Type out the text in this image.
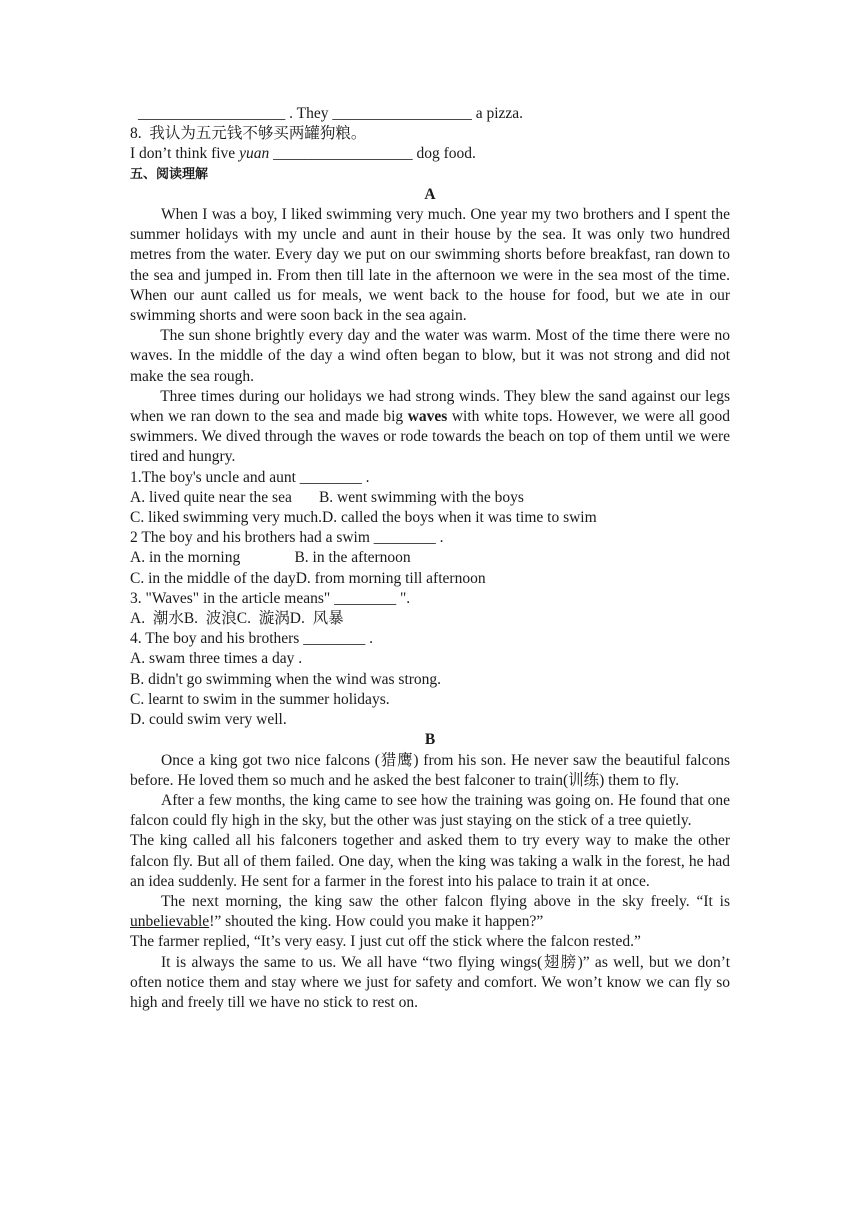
___________________ . They __________________ a pizza.

8.  我认为五元钱不够买两罐狗粮。

I don’t think five yuan __________________ dog food.

五、阅读理解

A

When I was a boy, I liked swimming very much. One year my two brothers and I spent the summer holidays with my uncle and aunt in their house by the sea. It was only two hundred metres from the water. Every day we put on our swimming shorts before breakfast, ran down to the sea and jumped in. From then till late in the afternoon we were in the sea most of the time. When our aunt called us for meals, we went back to the house for food, but we ate in our swimming shorts and were soon back in the sea again.

The sun shone brightly every day and the water was warm. Most of the time there were no waves. In the middle of the day a wind often began to blow, but it was not strong and did not make the sea rough.

Three times during our holidays we had strong winds. They blew the sand against our legs when we ran down to the sea and made big waves with white tops. However, we were all good swimmers. We dived through the waves or rode towards the beach on top of them until we were tired and hungry.

1.The boy's uncle and aunt ________ .

A. lived quite near the sea       B. went swimming with the boys

C. liked swimming very much.D. called the boys when it was time to swim

2 The boy and his brothers had a swim ________ .

A. in the morning              B. in the afternoon

C. in the middle of the dayD. from morning till afternoon

3. "Waves" in the article means" ________ ".

A.  潮水B.  波浪C.  漩涡D.  风暴

4. The boy and his brothers ________ .

A. swam three times a day .

B. didn't go swimming when the wind was strong.

C. learnt to swim in the summer holidays.

D. could swim very well.

B

Once a king got two nice falcons (猎鹰) from his son. He never saw the beautiful falcons before. He loved them so much and he asked the best falconer to train(训练) them to fly.

After a few months, the king came to see how the training was going on. He found that one falcon could fly high in the sky, but the other was just staying on the stick of a tree quietly.

The king called all his falconers together and asked them to try every way to make the other falcon fly. But all of them failed. One day, when the king was taking a walk in the forest, he had an idea suddenly. He sent for a farmer in the forest into his palace to train it at once.

The next morning, the king saw the other falcon flying above in the sky freely. “It is unbelievable!” shouted the king. How could you make it happen?”

The farmer replied, “It’s very easy. I just cut off the stick where the falcon rested.”

It is always the same to us. We all have “two flying wings(翅膀)” as well, but we don’t often notice them and stay where we just for safety and comfort. We won’t know we can fly so high and freely till we have no stick to rest on.
